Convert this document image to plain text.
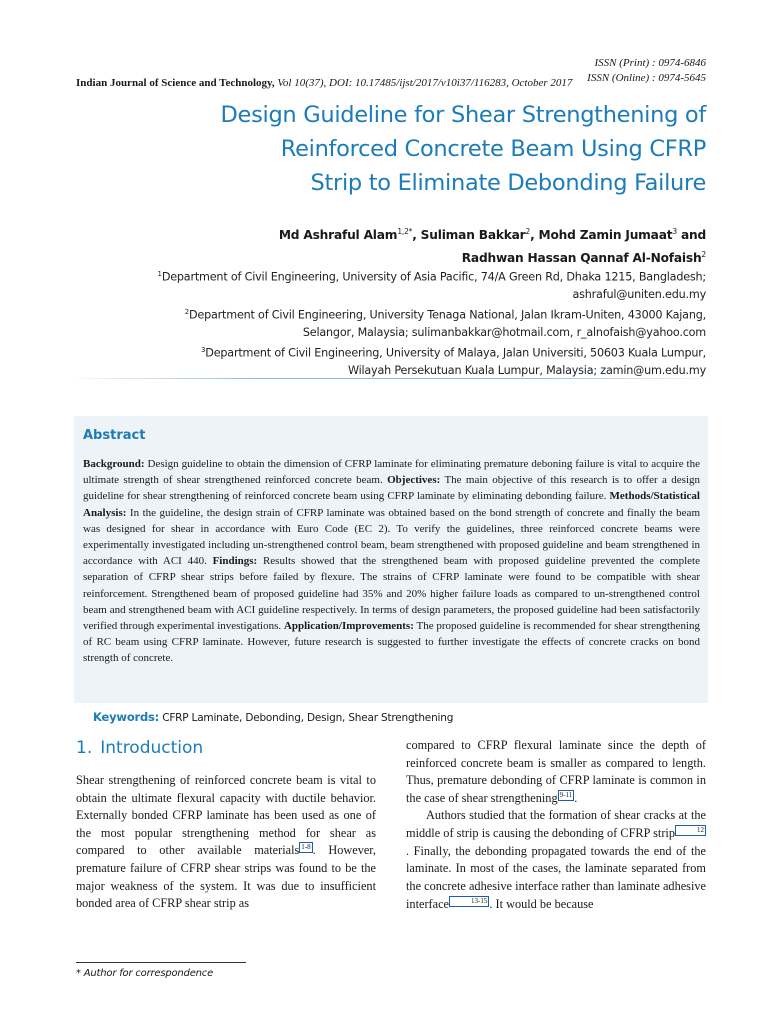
ISSN (Print) : 0974-6846
ISSN (Online) : 0974-5645
Indian Journal of Science and Technology, Vol 10(37), DOI: 10.17485/ijst/2017/v10i37/116283, October 2017
Design Guideline for Shear Strengthening of
Reinforced Concrete Beam Using CFRP
Strip to Eliminate Debonding Failure
Md Ashraful Alam$^{1,2*}$, Suliman Bakkar$^2$, Mohd Zamin Jumaat$^3$ and
Radhwan Hassan Qannaf Al-Nofaish$^2$
$^1$Department of Civil Engineering, University of Asia Pacific, 74/A Green Rd, Dhaka 1215, Bangladesh;
ashraful@uniten.edu.my
$^2$Department of Civil Engineering, University Tenaga National, Jalan Ikram-Uniten, 43000 Kajang,
Selangor, Malaysia; sulimanbakkar@hotmail.com, r_alnofaish@yahoo.com
$^3$Department of Civil Engineering, University of Malaya, Jalan Universiti, 50603 Kuala Lumpur,
Wilayah Persekutuan Kuala Lumpur, Malaysia; zamin@um.edu.my
Abstract
Background: Design guideline to obtain the dimension of CFRP laminate for eliminating premature deboning failure is vital to acquire the ultimate strength of shear strengthened reinforced concrete beam. Objectives: The main objective of this research is to offer a design guideline for shear strengthening of reinforced concrete beam using CFRP laminate by eliminating debonding failure. Methods/Statistical Analysis: In the guideline, the design strain of CFRP laminate was obtained based on the bond strength of concrete and finally the beam was designed for shear in accordance with Euro Code (EC 2). To verify the guidelines, three reinforced concrete beams were experimentally investigated including un-strengthened control beam, beam strengthened with proposed guideline and beam strengthened in accordance with ACI 440. Findings: Results showed that the strengthened beam with proposed guideline prevented the complete separation of CFRP shear strips before failed by flexure. The strains of CFRP laminate were found to be compatible with shear reinforcement. Strengthened beam of proposed guideline had 35% and 20% higher failure loads as compared to un-strengthened control beam and strengthened beam with ACI guideline respectively. In terms of design parameters, the proposed guideline had been satisfactorily verified through experimental investigations. Application/Improvements: The proposed guideline is recommended for shear strengthening of RC beam using CFRP laminate. However, future research is suggested to further investigate the effects of concrete cracks on bond strength of concrete.
Keywords: CFRP Laminate, Debonding, Design, Shear Strengthening
1. Introduction

Shear strengthening of reinforced concrete beam is vital to obtain the ultimate flexural capacity with ductile behavior. Externally bonded CFRP laminate has been used as one of the most popular strengthening method for shear as compared to other available materials 1-8 . However, premature failure of CFRP shear strips was found to be the major weakness of the system. It was due to insufficient bonded area of CFRP shear strip as

compared to CFRP flexural laminate since the depth of reinforced concrete beam is smaller as compared to length. Thus, premature debonding of CFRP laminate is common in the case of shear strengthening 9-11 .

Authors studied that the formation of shear cracks at the middle of strip is causing the debonding of CFRP strip	12. Finally, the debonding propagated towards the end of the laminate. In most of the cases, the laminate separated from the concrete adhesive interface rather than laminate adhesive interface	13-15 . It would be because

* Author for correspondence
